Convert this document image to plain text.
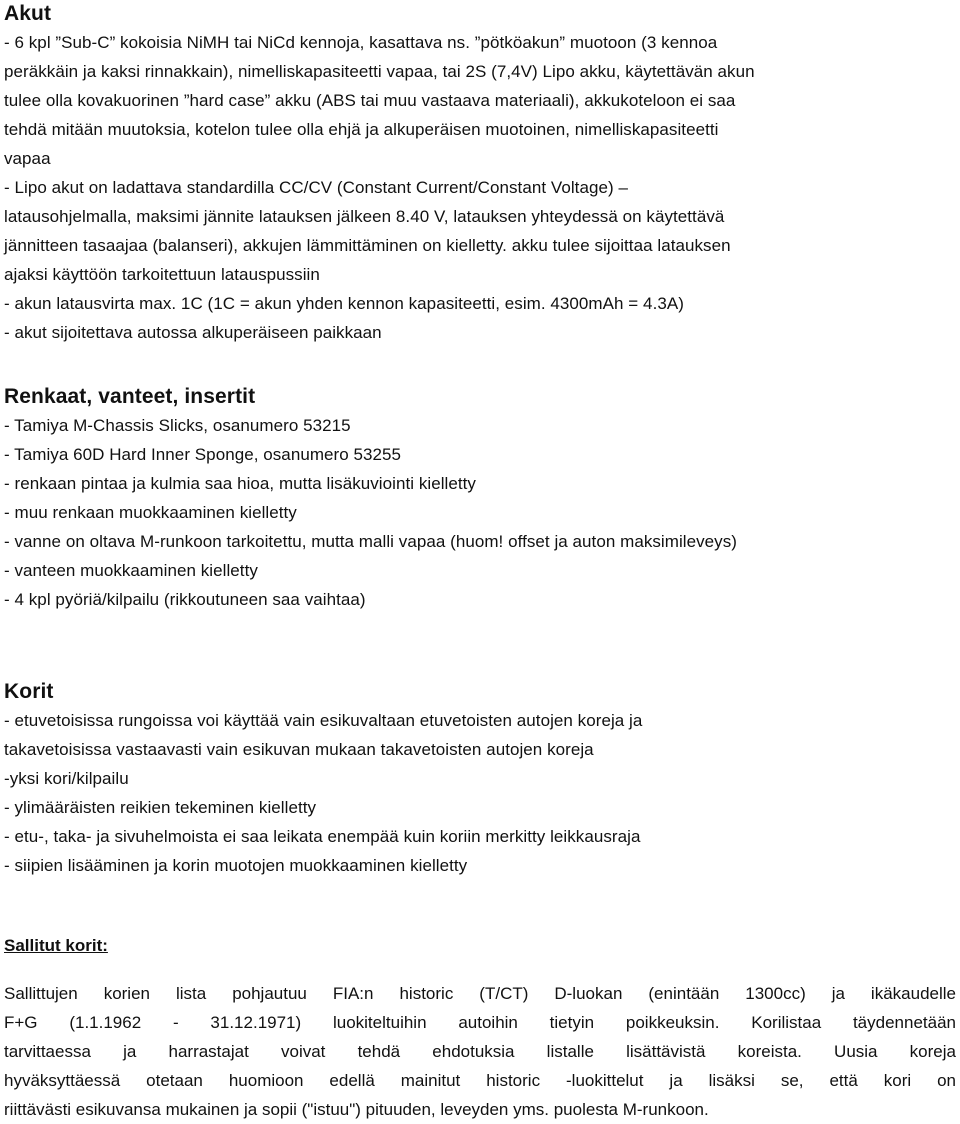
Akut

- 6 kpl ”Sub-C” kokoisia NiMH tai NiCd kennoja, kasattava ns. ”pötköakun” muotoon (3 kennoa

peräkkäin ja kaksi rinnakkain), nimelliskapasiteetti vapaa, tai 2S (7,4V) Lipo akku, käytettävän akun

tulee olla kovakuorinen ”hard case” akku (ABS tai muu vastaava materiaali), akkukoteloon ei saa

tehdä mitään muutoksia, kotelon tulee olla ehjä ja alkuperäisen muotoinen, nimelliskapasiteetti

vapaa

- Lipo akut on ladattava standardilla CC/CV (Constant Current/Constant Voltage) –

latausohjelmalla, maksimi jännite latauksen jälkeen 8.40 V, latauksen yhteydessä on käytettävä

jännitteen tasaajaa (balanseri), akkujen lämmittäminen on kielletty. akku tulee sijoittaa latauksen

ajaksi käyttöön tarkoitettuun latauspussiin

- akun latausvirta max. 1C (1C = akun yhden kennon kapasiteetti, esim. 4300mAh = 4.3A)

- akut sijoitettava autossa alkuperäiseen paikkaan

Renkaat, vanteet, insertit

- Tamiya M-Chassis Slicks, osanumero 53215

- Tamiya 60D Hard Inner Sponge, osanumero 53255

- renkaan pintaa ja kulmia saa hioa, mutta lisäkuviointi kielletty

- muu renkaan muokkaaminen kielletty

- vanne on oltava M-runkoon tarkoitettu, mutta malli vapaa (huom! offset ja auton maksimileveys)

- vanteen muokkaaminen kielletty

- 4 kpl pyöriä/kilpailu (rikkoutuneen saa vaihtaa)

Korit

- etuvetoisissa rungoissa voi käyttää vain esikuvaltaan etuvetoisten autojen koreja ja

takavetoisissa vastaavasti vain esikuvan mukaan takavetoisten autojen koreja

-yksi kori/kilpailu

- ylimääräisten reikien tekeminen kielletty

- etu-, taka- ja sivuhelmoista ei saa leikata enempää kuin koriin merkitty leikkausraja

- siipien lisääminen ja korin muotojen muokkaaminen kielletty

Sallitut korit:
Sallittujen korien lista pohjautuu FIA:n historic (T/CT) D-luokan (enintään 1300cc) ja ikäkaudelle
F+G (1.1.1962 - 31.12.1971) luokiteltuihin autoihin tietyin poikkeuksin. Korilistaa täydennetään
tarvittaessa ja harrastajat voivat tehdä ehdotuksia listalle lisättävistä koreista. Uusia koreja
hyväksyttäessä otetaan huomioon edellä mainitut historic -luokittelut ja lisäksi se, että kori on
riittävästi esikuvansa mukainen ja sopii ("istuu") pituuden, leveyden yms. puolesta M-runkoon.
